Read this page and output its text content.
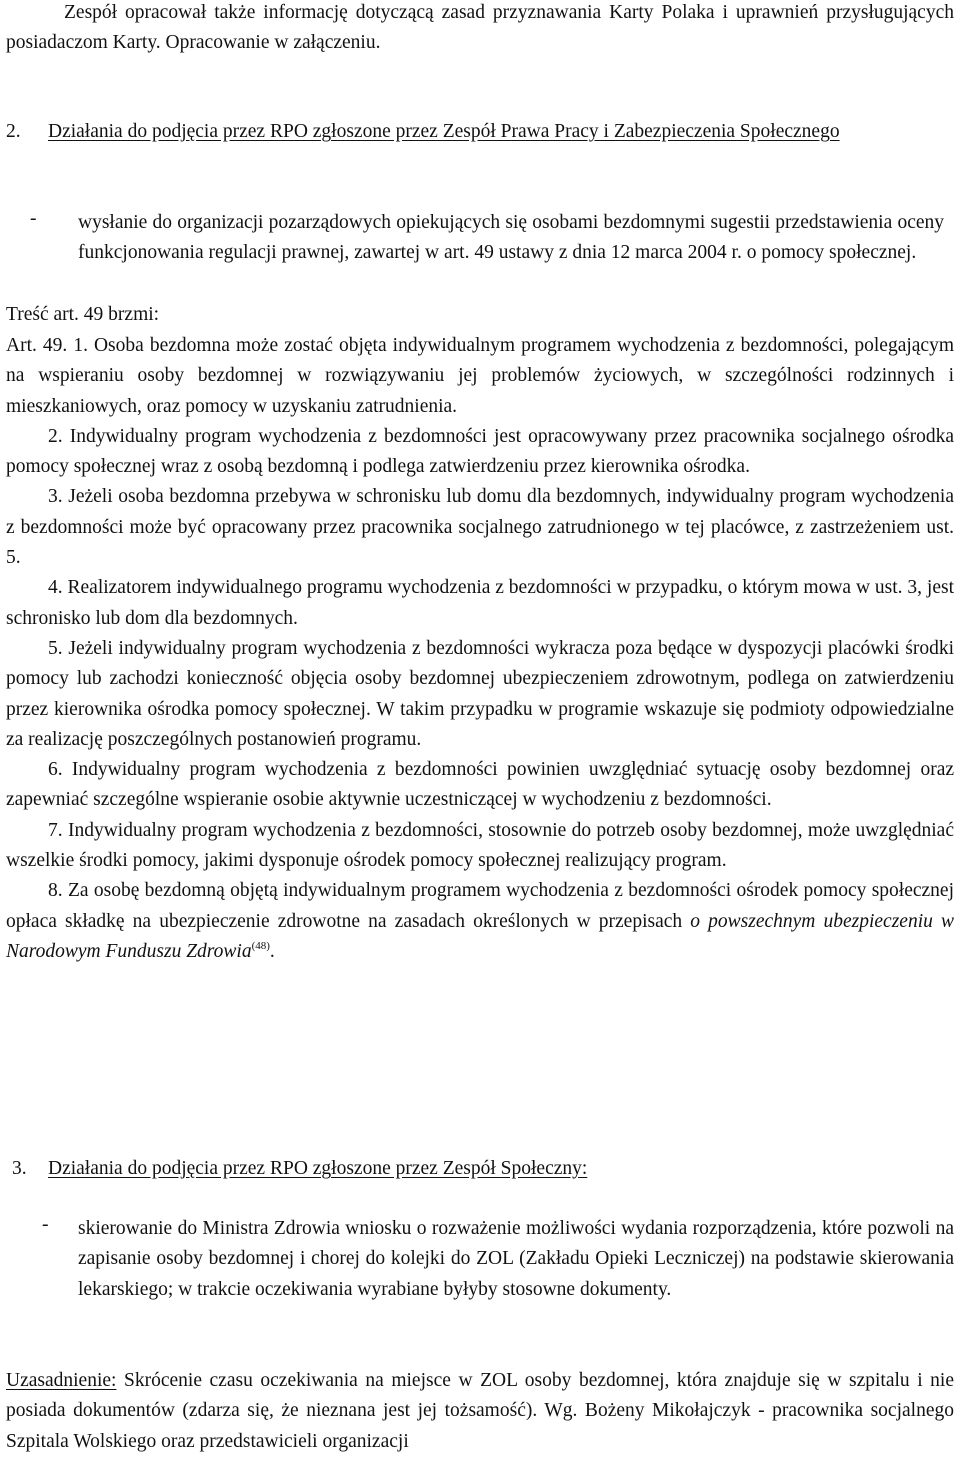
Zespół opracował także informację dotyczącą zasad przyznawania Karty Polaka i uprawnień przysługujących posiadaczom Karty. Opracowanie w załączeniu.

2. Działania do podjęcia przez RPO zgłoszone przez Zespół Prawa Pracy i Zabezpieczenia Społecznego

- wysłanie do organizacji pozarządowych opiekujących się osobami bezdomnymi sugestii przedstawienia oceny funkcjonowania regulacji prawnej, zawartej w art. 49 ustawy z dnia 12 marca 2004 r. o pomocy społecznej.

Treść art. 49 brzmi:

Art. 49. 1. Osoba bezdomna może zostać objęta indywidualnym programem wychodzenia z bezdomności, polegającym na wspieraniu osoby bezdomnej w rozwiązywaniu jej problemów życiowych, w szczególności rodzinnych i mieszkaniowych, oraz pomocy w uzyskaniu zatrudnienia.

2. Indywidualny program wychodzenia z bezdomności jest opracowywany przez pracownika socjalnego ośrodka pomocy społecznej wraz z osobą bezdomną i podlega zatwierdzeniu przez kierownika ośrodka.

3. Jeżeli osoba bezdomna przebywa w schronisku lub domu dla bezdomnych, indywidualny program wychodzenia z bezdomności może być opracowany przez pracownika socjalnego zatrudnionego w tej placówce, z zastrzeżeniem ust. 5.

4. Realizatorem indywidualnego programu wychodzenia z bezdomności w przypadku, o którym mowa w ust. 3, jest schronisko lub dom dla bezdomnych.

5. Jeżeli indywidualny program wychodzenia z bezdomności wykracza poza będące w dyspozycji placówki środki pomocy lub zachodzi konieczność objęcia osoby bezdomnej ubezpieczeniem zdrowotnym, podlega on zatwierdzeniu przez kierownika ośrodka pomocy społecznej. W takim przypadku w programie wskazuje się podmioty odpowiedzialne za realizację poszczególnych postanowień programu.

6. Indywidualny program wychodzenia z bezdomności powinien uwzględniać sytuację osoby bezdomnej oraz zapewniać szczególne wspieranie osobie aktywnie uczestniczącej w wychodzeniu z bezdomności.

7. Indywidualny program wychodzenia z bezdomności, stosownie do potrzeb osoby bezdomnej, może uwzględniać wszelkie środki pomocy, jakimi dysponuje ośrodek pomocy społecznej realizujący program.

8. Za osobę bezdomną objętą indywidualnym programem wychodzenia z bezdomności ośrodek pomocy społecznej opłaca składkę na ubezpieczenie zdrowotne na zasadach określonych w przepisach o powszechnym ubezpieczeniu w Narodowym Funduszu Zdrowia$^{(48)}$.

3. Działania do podjęcia przez RPO zgłoszone przez Zespół Społeczny:

- skierowanie do Ministra Zdrowia wniosku o rozważenie możliwości wydania rozporządzenia, które pozwoli na zapisanie osoby bezdomnej i chorej do kolejki do ZOL (Zakładu Opieki Leczniczej) na podstawie skierowania lekarskiego; w trakcie oczekiwania wyrabiane byłyby stosowne dokumenty.

Uzasadnienie: Skrócenie czasu oczekiwania na miejsce w ZOL osoby bezdomnej, która znajduje się w szpitalu i nie posiada dokumentów (zdarza się, że nieznana jest jej tożsamość). Wg. Bożeny Mikołajczyk - pracownika socjalnego Szpitala Wolskiego oraz przedstawicieli organizacji
